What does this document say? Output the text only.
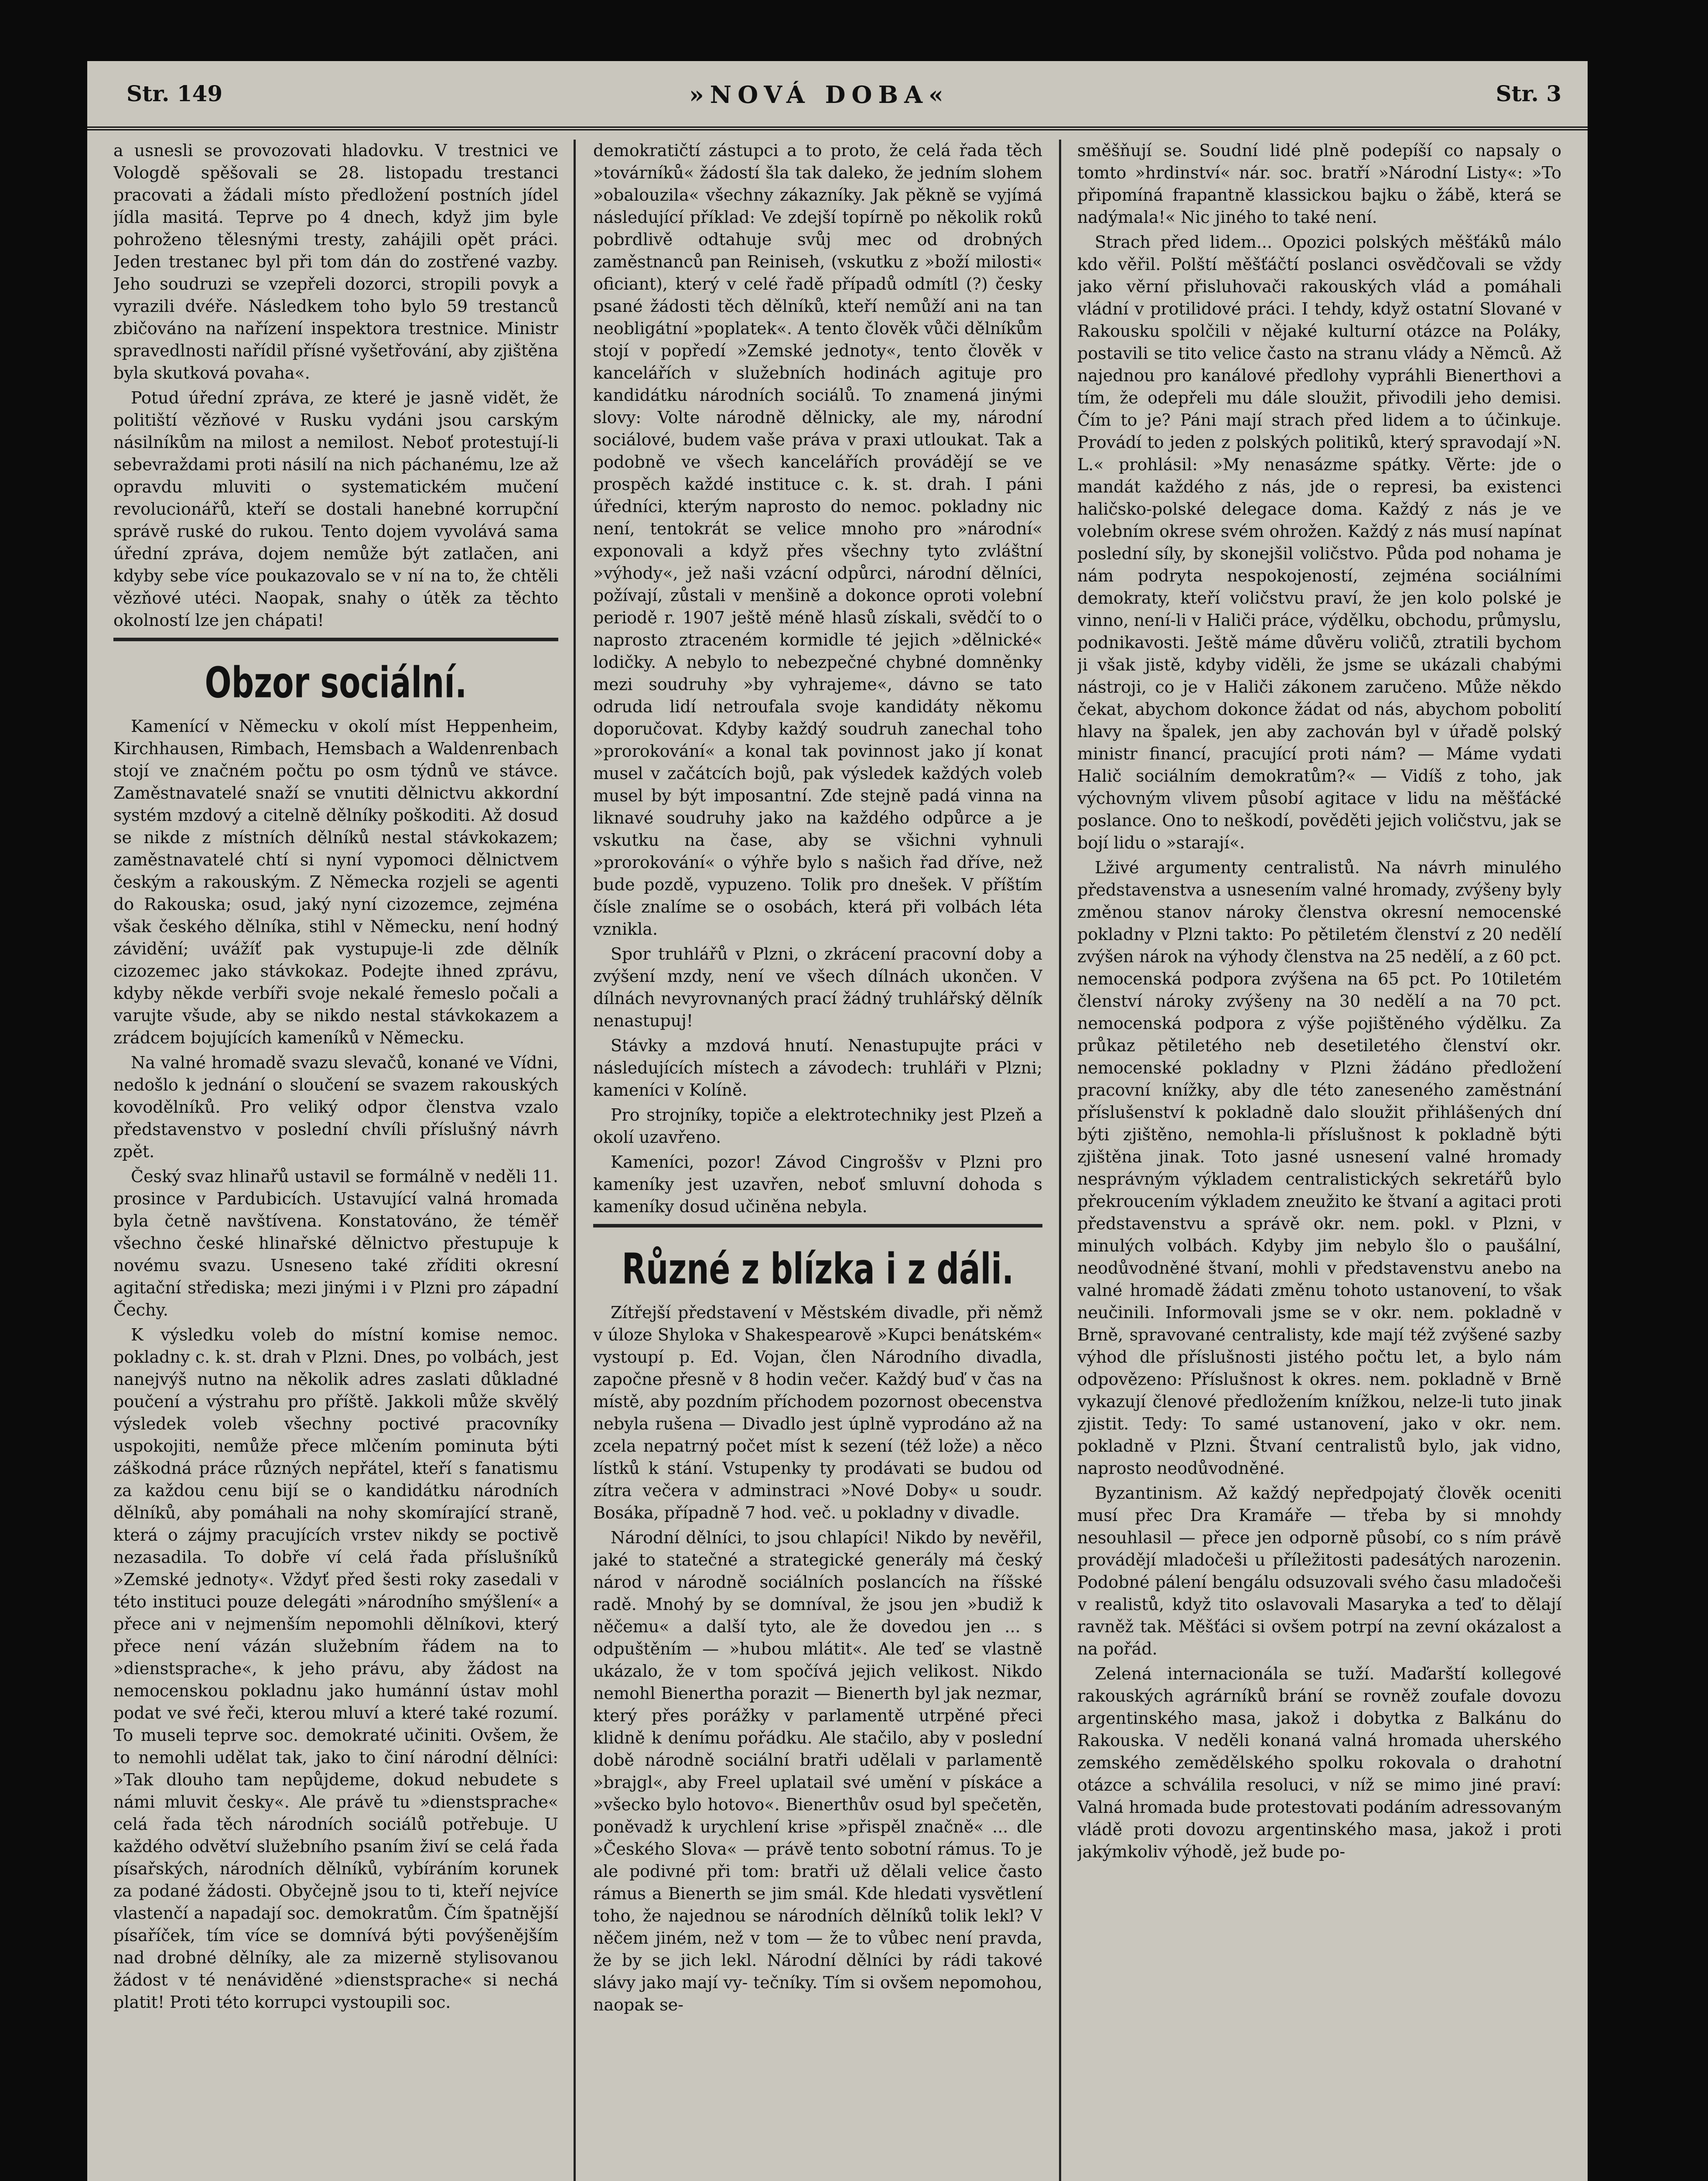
Str. 149	»NOVÁ DOBA«	Str. 3

a usnesli se provozovati hladovku. V trestnici ve Vologdě spěšovali se 28. listopadu trestanci pracovati a žádali místo předložení postních jídel jídla masitá. Teprve po 4 dnech, když jim byle pohroženo tělesnými tresty, zahájili opět práci. Jeden trestanec byl při tom dán do zostřené vazby. Jeho soudruzi se vzepřeli dozorci, stropili povyk a vyrazili dvéře. Následkem toho bylo 59 trestanců zbičováno na nařízení inspektora trestnice. Ministr spravedlnosti nařídil přísné vyšetřování, aby zjištěna byla skutková povaha«.

Potud úřední zpráva, ze které je jasně vidět, že politiští vězňové v Rusku vydáni jsou carským násilníkům na milost a nemilost. Neboť protestují-li sebevraždami proti násilí na nich páchanému, lze až opravdu mluviti o systematickém mučení revolucionářů, kteří se dostali hanebné korrupční správě ruské do rukou. Tento dojem vyvolává sama úřední zpráva, dojem nemůže být zatlačen, ani kdyby sebe více poukazovalo se v ní na to, že chtěli vězňové utéci. Naopak, snahy o útěk za těchto okolností lze jen chápati!

Obzor sociální.

Kamenící v Německu v okolí míst Heppenheim, Kirchhausen, Rimbach, Hemsbach a Waldenrenbach stojí ve značném počtu po osm týdnů ve stávce. Zaměstnavatelé snaží se vnutiti dělnictvu akkordní systém mzdový a citelně dělníky poškoditi. Až dosud se nikde z místních dělníků nestal stávkokazem; zaměstnavatelé chtí si nyní vypomoci dělnictvem českým a rakouským. Z Německa rozjeli se agenti do Rakouska; osud, jaký nyní cizozemce, zejména však českého dělníka, stihl v Německu, není hodný závidění; uvážíť pak vystupuje-li zde dělník cizozemec jako stávkokaz. Podejte ihned zprávu, kdyby někde verbíři svoje nekalé řemeslo počali a varujte všude, aby se nikdo nestal stávkokazem a zrádcem bojujících kameníků v Německu.

Na valné hromadě svazu slevačů, konané ve Vídni, nedošlo k jednání o sloučení se svazem rakouských kovodělníků. Pro veliký odpor členstva vzalo představenstvo v poslední chvíli příslušný návrh zpět.

Český svaz hlinařů ustavil se formálně v neděli 11. prosince v Pardubicích. Ustavující valná hromada byla četně navštívena. Konstatováno, že téměř všechno české hlinařské dělnictvo přestupuje k novému svazu. Usneseno také zříditi okresní agitační střediska; mezi jinými i v Plzni pro západní Čechy.

K výsledku voleb do místní komise nemoc. pokladny c. k. st. drah v Plzni. Dnes, po volbách, jest nanejvýš nutno na několik adres zaslati důkladné poučení a výstrahu pro příště. Jakkoli může skvělý výsledek voleb všechny poctivé pracovníky uspokojiti, nemůže přece mlčením pominuta býti záškodná práce různých nepřátel, kteří s fanatismu za každou cenu bijí se o kandidátku národních dělníků, aby pomáhali na nohy skomírající straně, která o zájmy pracujících vrstev nikdy se poctivě nezasadila. To dobře ví celá řada příslušníků »Zemské jednoty«. Vždyť před šesti roky zasedali v této instituci pouze delegáti »národního smýšlení« a přece ani v nejmenším nepomohli dělníkovi, který přece není vázán služebním řádem na to »dienstsprache«, k jeho právu, aby žádost na nemocenskou pokladnu jako humánní ústav mohl podat ve své řeči, kterou mluví a které také rozumí. To museli teprve soc. demokraté učiniti. Ovšem, že to nemohli udělat tak, jako to činí národní dělníci: »Tak dlouho tam nepůjdeme, dokud nebudete s námi mluvit česky«. Ale právě tu »dienstsprache« celá řada těch národních sociálů potřebuje. U každého odvětví služebního psaním živí se celá řada písařských, národních dělníků, vybíráním korunek za podané žádosti. Obyčejně jsou to ti, kteří nejvíce vlastenčí a napadají soc. demokratům. Čím špatnější písaříček, tím více se domnívá býti povýšenějším nad drobné dělníky, ale za mizerně stylisovanou žádost v té nenáviděné »dienstsprache« si nechá platit! Proti této korrupci vystoupili soc.

demokratičtí zástupci a to proto, že celá řada těch »továrníků« žádostí šla tak daleko, že jedním slohem »obalouzila« všechny zákazníky. Jak pěkně se vyjímá následující příklad: Ve zdejší topírně po několik roků pobrdlivě odtahuje svůj mec od drobných zaměstnanců pan Reiniseh, (vskutku z »boží milosti« oficiant), který v celé řadě případů odmítl (?) česky psané žádosti těch dělníků, kteří nemůží ani na tan neobligátní »poplatek«. A tento člověk vůči dělníkům stojí v popředí »Zemské jednoty«, tento člověk v kancelářích v služebních hodinách agituje pro kandidátku národních sociálů. To znamená jinými slovy: Volte národně dělnicky, ale my, národní sociálové, budem vaše práva v praxi utloukat. Tak a podobně ve všech kancelářích provádějí se ve prospěch každé instituce c. k. st. drah. I páni úředníci, kterým naprosto do nemoc. pokladny nic není, tentokrát se velice mnoho pro »národní« exponovali a když přes všechny tyto zvláštní »výhody«, jež naši vzácní odpůrci, národní dělníci, požívají, zůstali v menšině a dokonce oproti volební periodě r. 1907 ještě méně hlasů získali, svědčí to o naprosto ztraceném kormidle té jejich »dělnické« lodičky. A nebylo to nebezpečné chybné domněnky mezi soudruhy »by vyhrajeme«, dávno se tato odruda lidí netroufala svoje kandidáty někomu doporučovat. Kdyby každý soudruh zanechal toho »prorokování« a konal tak povinnost jako jí konat musel v začátcích bojů, pak výsledek každých voleb musel by být imposantní. Zde stejně padá vinna na liknavé soudruhy jako na každého odpůrce a je vskutku na čase, aby se všichni vyhnuli »prorokování« o výhře bylo s našich řad dříve, než bude pozdě, vypuzeno. Tolik pro dnešek. V příštím čísle znalíme se o osobách, která při volbách léta vznikla.

Spor truhlářů v Plzni, o zkrácení pracovní doby a zvýšení mzdy, není ve všech dílnách ukončen. V dílnách nevyrovnaných prací žádný truhlářský dělník nenastupuj!

Stávky a mzdová hnutí. Nenastupujte práci v následujících místech a závodech: truhláři v Plzni; kameníci v Kolíně.

Pro strojníky, topiče a elektrotechniky jest Plzeň a okolí uzavřeno.

Kameníci, pozor! Závod Cingroššv v Plzni pro kameníky jest uzavřen, neboť smluvní dohoda s kameníky dosud učiněna nebyla.

Různé z blízka i z dáli.

Zítřejší představení v Městském divadle, při němž v úloze Shyloka v Shakespearově »Kupci benátském« vystoupí p. Ed. Vojan, člen Národního divadla, započne přesně v 8 hodin večer. Každý buď v čas na místě, aby pozdním příchodem pozornost obecenstva nebyla rušena — Divadlo jest úplně vyprodáno až na zcela nepatrný počet míst k sezení (též lože) a něco lístků k stání. Vstupenky ty prodávati se budou od zítra večera v adminstraci »Nové Doby« u soudr. Bosáka, případně 7 hod. več. u pokladny v divadle.

Národní dělníci, to jsou chlapíci! Nikdo by nevěřil, jaké to statečné a strategické generály má český národ v národně sociálních poslancích na říšské radě. Mnohý by se domníval, že jsou jen »budiž k něčemu« a další tyto, ale že dovedou jen ... s odpuštěním — »hubou mlátit«. Ale teď se vlastně ukázalo, že v tom spočívá jejich velikost. Nikdo nemohl Bienertha porazit — Bienerth byl jak nezmar, který přes porážky v parlamentě utrpěné přeci klidně k denímu pořádku. Ale stačilo, aby v poslední době národně sociální bratři udělali v parlamentě »brajgl«, aby Freel uplatail své umění v pískáce a »všecko bylo hotovo«. Bienerthův osud byl spečetěn, poněvadž k urychlení krise »přispěl značně« ... dle »Českého Slova« — právě tento sobotní rámus. To je ale podivné při tom: bratři už dělali velice často rámus a Bienerth se jim smál. Kde hledati vysvětlení toho, že najednou se národních dělníků tolik lekl? V něčem jiném, než v tom — že to vůbec není pravda, že by se jich lekl. Národní dělníci by rádi takové slávy jako mají vy- tečníky. Tím si ovšem nepomohou, naopak se-

směšňují se. Soudní lidé plně podepíší co napsaly o tomto »hrdinství« nár. soc. bratří »Národní Listy«: »To připomíná frapantně klassickou bajku o žábě, která se nadýmala!« Nic jiného to také není.

Strach před lidem... Opozici polských měšťáků málo kdo věřil. Polští měšťáčtí poslanci osvědčovali se vždy jako věrní přisluhovači rakouských vlád a pomáhali vládní v protilidové práci. I tehdy, když ostatní Slované v Rakousku spolčili v nějaké kulturní otázce na Poláky, postavili se tito velice často na stranu vlády a Němců. Až najednou pro kanálové předlohy vypráhli Bienerthovi a tím, že odepřeli mu dále sloužit, přivodili jeho demisi. Čím to je? Páni mají strach před lidem a to účinkuje. Provádí to jeden z polských politiků, který spravodají »N. L.« prohlásil: »My nenasázme spátky. Věrte: jde o mandát každého z nás, jde o represi, ba existenci haličsko-polské delegace doma. Každý z nás je ve volebním okrese svém ohrožen. Každý z nás musí napínat poslední síly, by skonejšil voličstvo. Půda pod nohama je nám podryta nespokojeností, zejména sociálními demokraty, kteří voličstvu praví, že jen kolo polské je vinno, není-li v Haliči práce, výdělku, obchodu, průmyslu, podnikavosti. Ještě máme důvěru voličů, ztratili bychom ji však jistě, kdyby viděli, že jsme se ukázali chabými nástroji, co je v Haliči zákonem zaručeno. Může někdo čekat, abychom dokonce žádat od nás, abychom pobolití hlavy na špalek, jen aby zachován byl v úřadě polský ministr financí, pracující proti nám? — Máme vydati Halič sociálním demokratům?« — Vidíš z toho, jak výchovným vlivem působí agitace v lidu na měšťácké poslance. Ono to neškodí, pověděti jejich voličstvu, jak se bojí lidu o »starají«.

Lživé argumenty centralistů. Na návrh minulého představenstva a usnesením valné hromady, zvýšeny byly změnou stanov nároky členstva okresní nemocenské pokladny v Plzni takto: Po pětiletém členství z 20 nedělí zvýšen nárok na výhody členstva na 25 nedělí, a z 60 pct. nemocenská podpora zvýšena na 65 pct. Po 10tiletém členství nároky zvýšeny na 30 nedělí a na 70 pct. nemocenská podpora z výše pojištěného výdělku. Za průkaz pětiletého neb desetiletého členství okr. nemocenské pokladny v Plzni žádáno předložení pracovní knížky, aby dle této zaneseného zaměstnání příslušenství k pokladně dalo sloužit přihlášených dní býti zjištěno, nemohla-li příslušnost k pokladně býti zjištěna jinak. Toto jasné usnesení valné hromady nesprávným výkladem centralistických sekretářů bylo překroucením výkladem zneužito ke štvaní a agitaci proti představenstvu a správě okr. nem. pokl. v Plzni, v minulých volbách. Kdyby jim nebylo šlo o paušální, neodůvodněné štvaní, mohli v představenstvu anebo na valné hromadě žádati změnu tohoto ustanovení, to však neučinili. Informovali jsme se v okr. nem. pokladně v Brně, spravované centralisty, kde mají též zvýšené sazby výhod dle příslušnosti jistého počtu let, a bylo nám odpovězeno: Příslušnost k okres. nem. pokladně v Brně vykazují členové předložením knížkou, nelze-li tuto jinak zjistit. Tedy: To samé ustanovení, jako v okr. nem. pokladně v Plzni. Štvaní centralistů bylo, jak vidno, naprosto neodůvodněné.

Byzantinism. Až každý nepředpojatý člověk oceniti musí přec Dra Kramáře — třeba by si mnohdy nesouhlasil — přece jen odporně působí, co s ním právě provádějí mladočeši u příležitosti padesátých narozenin. Podobné pálení bengálu odsuzovali svého času mladočeši v realistů, když tito oslavovali Masaryka a teď to dělají ravněž tak. Měšťáci si ovšem potrpí na zevní okázalost a na pořád.

Zelená internacionála se tuží. Maďarští kollegové rakouských agrárníků brání se rovněž zoufale dovozu argentinského masa, jakož i dobytka z Balkánu do Rakouska. V neděli konaná valná hromada uherského zemského zemědělského spolku rokovala o drahotní otázce a schválila resoluci, v níž se mimo jiné praví: Valná hromada bude protestovati podáním adressovaným vládě proti dovozu argentinského masa, jakož i proti jakýmkoliv výhodě, jež bude po-
